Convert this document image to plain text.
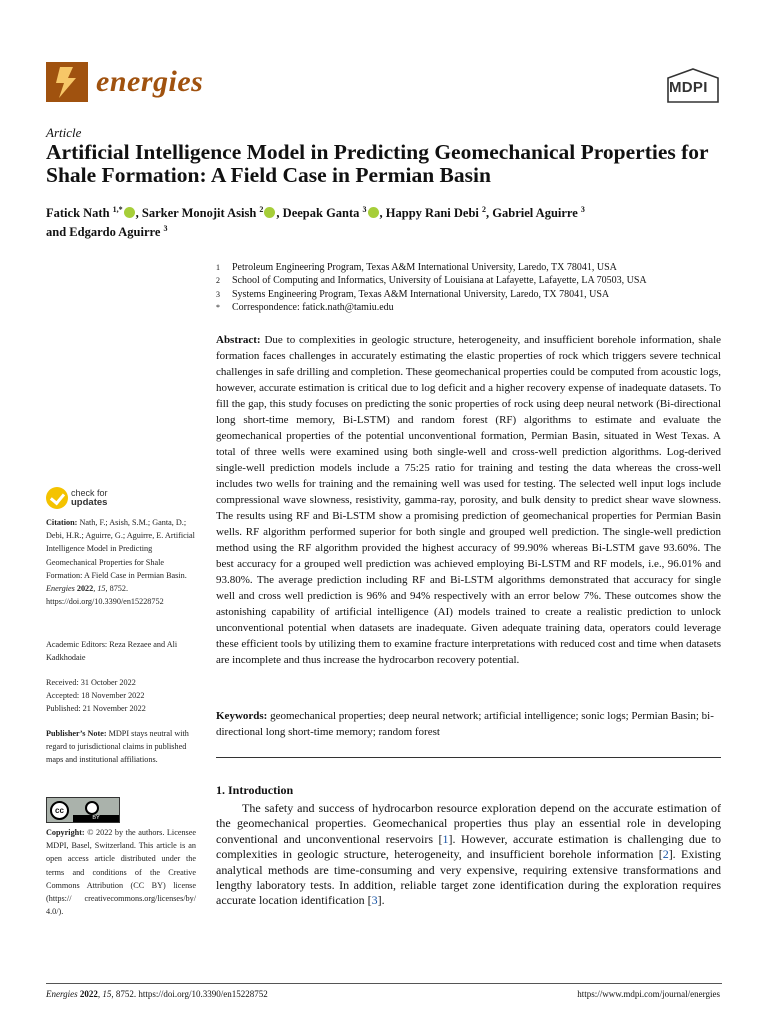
energies	MDPI
Article
Artificial Intelligence Model in Predicting Geomechanical Properties for Shale Formation: A Field Case in Permian Basin
Fatick Nath $^{1,*}$ , Sarker Monojit Asish $^2$ , Deepak Ganta $^3$ , Happy Rani Debi $^2$, Gabriel Aguirre $^3$
and Edgardo Aguirre $^3$
1	Petroleum Engineering Program, Texas A&M International University, Laredo, TX 78041, USA
2	School of Computing and Informatics, University of Louisiana at Lafayette, Lafayette, LA 70503, USA
3	Systems Engineering Program, Texas A&M International University, Laredo, TX 78041, USA
*	Correspondence: fatick.nath@tamiu.edu
Abstract: Due to complexities in geologic structure, heterogeneity, and insufficient borehole information, shale formation faces challenges in accurately estimating the elastic properties of rock which triggers severe technical challenges in safe drilling and completion. These geomechanical properties could be computed from acoustic logs, however, accurate estimation is critical due to log deficit and a higher recovery expense of inadequate datasets. To fill the gap, this study focuses on predicting the sonic properties of rock using deep neural network (Bi-directional long short-time memory, Bi-LSTM) and random forest (RF) algorithms to estimate and evaluate the geomechanical properties of the potential unconventional formation, Permian Basin, situated in West Texas. A total of three wells were examined using both single-well and cross-well prediction algorithms. Log-derived single-well prediction models include a 75:25 ratio for training and testing the data whereas the cross-well includes two wells for training and the remaining well was used for testing. The selected well input logs include compressional wave slowness, resistivity, gamma-ray, porosity, and bulk density to predict shear wave slowness. The results using RF and Bi-LSTM show a promising prediction of geomechanical properties for Permian Basin wells. RF algorithm performed superior for both single and grouped well prediction. The single-well prediction method using the RF algorithm provided the highest accuracy of 99.90% whereas Bi-LSTM gave 93.60%. The best accuracy for a grouped well prediction was achieved employing Bi-LSTM and RF models, i.e., 96.01% and 93.80%. The average prediction including RF and Bi-LSTM algorithms demonstrated that accuracy for single well and cross well prediction is 96% and 94% respectively with an error below 7%. These outcomes show the astonishing capability of artificial intelligence (AI) models trained to create a realistic prediction to unlock unconventional potential when datasets are inadequate. Given adequate training data, operators could leverage these efficient tools by utilizing them to examine fracture interpretations with reduced cost and time when datasets are incomplete and thus increase the hydrocarbon recovery potential.
Keywords: geomechanical properties; deep neural network; artificial intelligence; sonic logs; Permian Basin; bi-directional long short-time memory; random forest
1. Introduction

The safety and success of hydrocarbon resource exploration depend on the accurate estimation of the geomechanical properties. Geomechanical properties thus play an essential role in developing conventional and unconventional reservoirs [1]. However, accurate estimation is challenging due to complexities in geologic structure, heterogeneity, and insufficient borehole information [2]. Existing analytical methods are time-consuming and very expensive, requiring extensive transformations and lengthy laboratory tests. In addition, reliable target zone identification during the exploration requires accurate location identification [3].

check for
updates
Citation: Nath, F.; Asish, S.M.; Ganta, D.; Debi, H.R.; Aguirre, G.; Aguirre, E. Artificial Intelligence Model in Predicting Geomechanical Properties for Shale Formation: A Field Case in Permian Basin. Energies 2022, 15, 8752. https://doi.org/10.3390/en15228752
Academic Editors: Reza Rezaee and Ali Kadkhodaie
Received: 31 October 2022
Accepted: 18 November 2022
Published: 21 November 2022
Publisher’s Note: MDPI stays neutral with regard to jurisdictional claims in published maps and institutional affiliations.
cc
BY
Copyright: © 2022 by the authors. Licensee MDPI, Basel, Switzerland. This article is an open access article distributed under the terms and conditions of the Creative Commons Attribution (CC BY) license (https:// creativecommons.org/licenses/by/ 4.0/).
Energies 2022, 15, 8752. https://doi.org/10.3390/en15228752	https://www.mdpi.com/journal/energies
